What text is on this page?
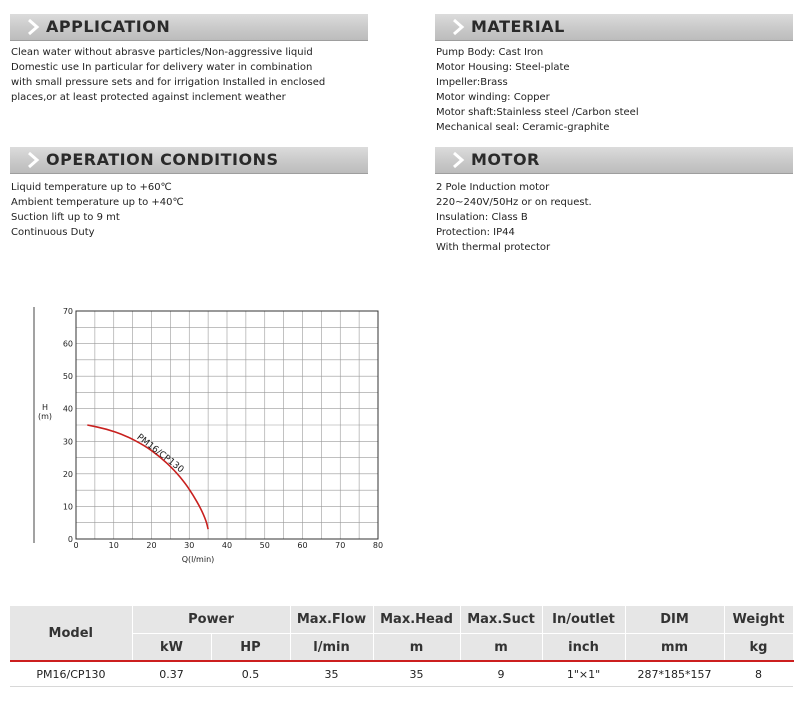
APPLICATION	MATERIAL
OPERATION CONDITIONS	MOTOR
Clean water without abrasve particles/Non-aggressive liquid
Domestic use In particular for delivery water in combination
with small pressure sets and for irrigation Installed in enclosed
places,or at least protected against inclement weather
Pump Body: Cast Iron
Motor Housing: Steel-plate
Impeller:Brass
Motor winding: Copper
Motor shaft:Stainless steel /Carbon steel
Mechanical seal: Ceramic-graphite
Liquid temperature up to +60℃
Ambient temperature up to +40℃
Suction lift up to 9 mt
Continuous Duty
2 Pole Induction motor
220~240V/50Hz or on request.
Insulation: Class B
Protection: IP44
With thermal protector
0	10	20	30	40	50	60	70	80
0
10
20
30
40
50
60
70
PM16/CP130
H
(m)
Q(l/min)
Model	Power		Max.Flow	Max.Head	Max.Suct	In/outlet	DIM	Weight
	kW	HP	l/min	m	m	inch	mm	kg
PM16/CP130	0.37	0.5	35	35	9	1"×1"	287*185*157	8
